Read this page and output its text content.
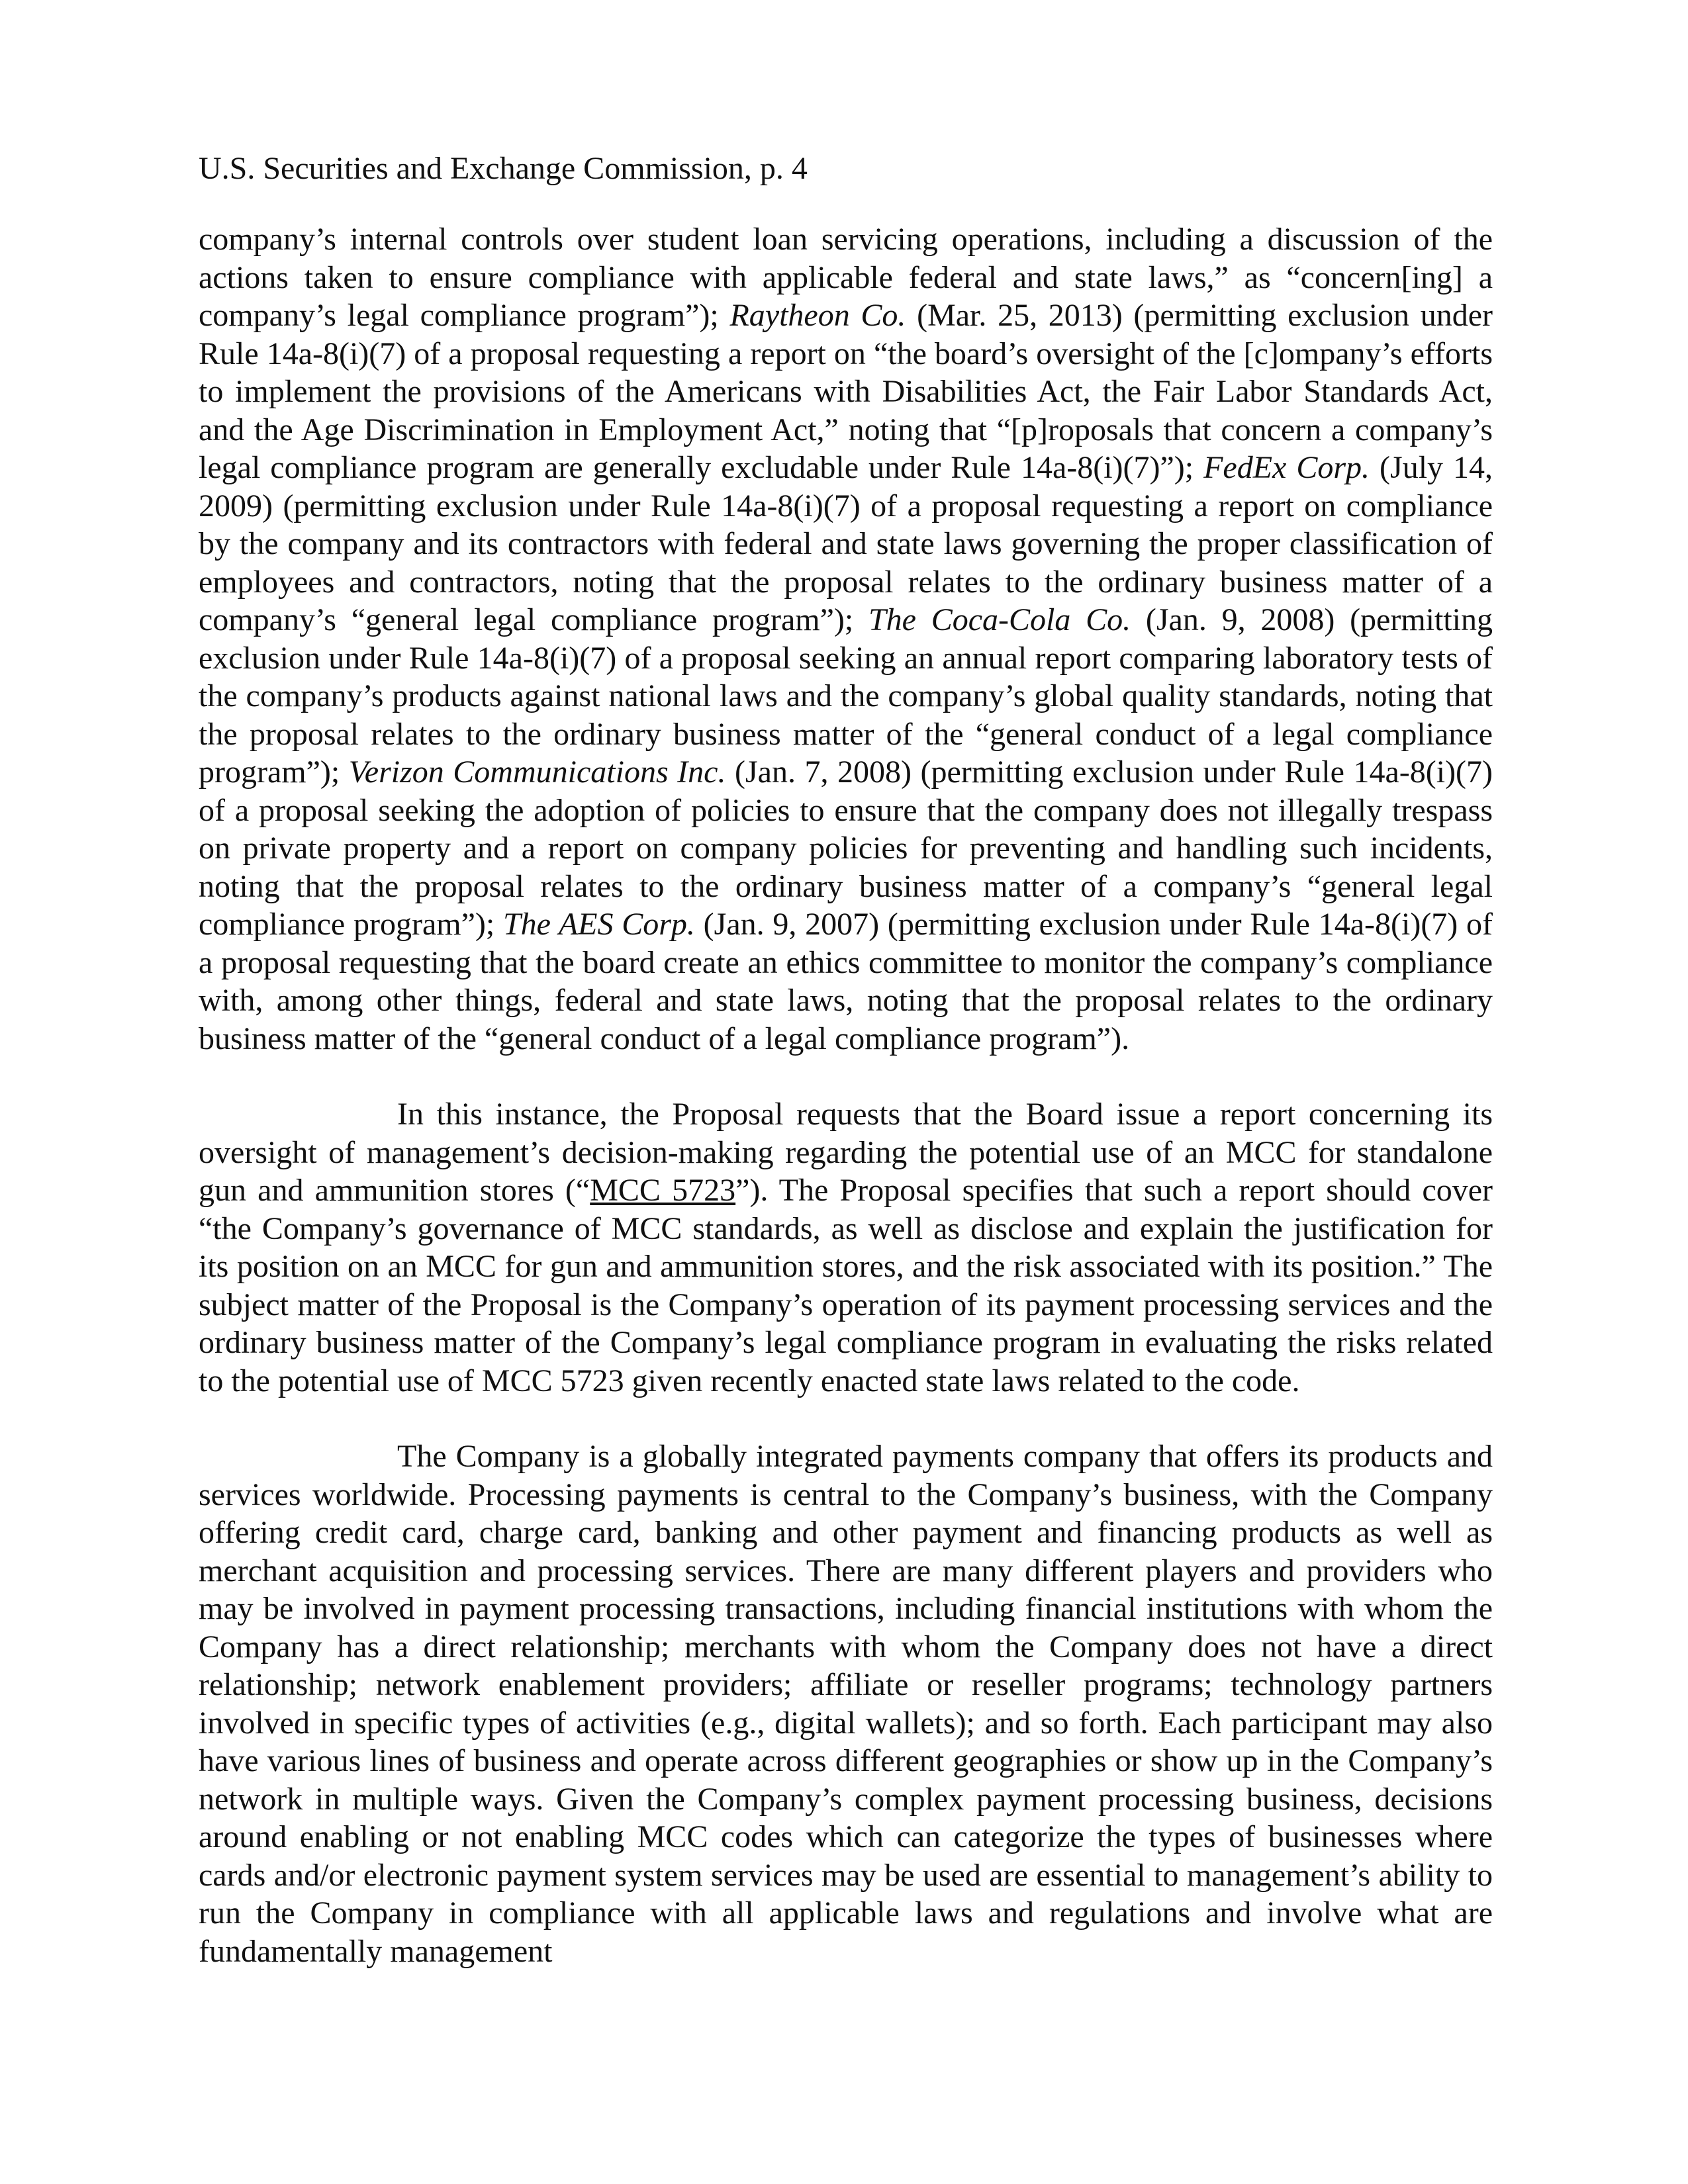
U.S. Securities and Exchange Commission, p. 4

company’s internal controls over student loan servicing operations, including a discussion of the actions taken to ensure compliance with applicable federal and state laws,” as “concern[ing] a company’s legal compliance program”); Raytheon Co. (Mar. 25, 2013) (permitting exclusion under Rule 14a-8(i)(7) of a proposal requesting a report on “the board’s oversight of the [c]ompany’s efforts to implement the provisions of the Americans with Disabilities Act, the Fair Labor Standards Act, and the Age Discrimination in Employment Act,” noting that “[p]roposals that concern a company’s legal compliance program are generally excludable under Rule 14a-8(i)(7)”); FedEx Corp. (July 14, 2009) (permitting exclusion under Rule 14a-8(i)(7) of a proposal requesting a report on compliance by the company and its contractors with federal and state laws governing the proper classification of employees and contractors, noting that the proposal relates to the ordinary business matter of a company’s “general legal compliance program”); The Coca-Cola Co. (Jan. 9, 2008) (permitting exclusion under Rule 14a-8(i)(7) of a proposal seeking an annual report comparing laboratory tests of the company’s products against national laws and the company’s global quality standards, noting that the proposal relates to the ordinary business matter of the “general conduct of a legal compliance program”); Verizon Communications Inc. (Jan. 7, 2008) (permitting exclusion under Rule 14a-8(i)(7) of a proposal seeking the adoption of policies to ensure that the company does not illegally trespass on private property and a report on company policies for preventing and handling such incidents, noting that the proposal relates to the ordinary business matter of a company’s “general legal compliance program”); The AES Corp. (Jan. 9, 2007) (permitting exclusion under Rule 14a-8(i)(7) of a proposal requesting that the board create an ethics committee to monitor the company’s compliance with, among other things, federal and state laws, noting that the proposal relates to the ordinary business matter of the “general conduct of a legal compliance program”).

In this instance, the Proposal requests that the Board issue a report concerning its oversight of management’s decision-making regarding the potential use of an MCC for standalone gun and ammunition stores (“MCC 5723”). The Proposal specifies that such a report should cover “the Company’s governance of MCC standards, as well as disclose and explain the justification for its position on an MCC for gun and ammunition stores, and the risk associated with its position.” The subject matter of the Proposal is the Company’s operation of its payment processing services and the ordinary business matter of the Company’s legal compliance program in evaluating the risks related to the potential use of MCC 5723 given recently enacted state laws related to the code.

The Company is a globally integrated payments company that offers its products and services worldwide. Processing payments is central to the Company’s business, with the Company offering credit card, charge card, banking and other payment and financing products as well as merchant acquisition and processing services. There are many different players and providers who may be involved in payment processing transactions, including financial institutions with whom the Company has a direct relationship; merchants with whom the Company does not have a direct relationship; network enablement providers; affiliate or reseller programs; technology partners involved in specific types of activities (e.g., digital wallets); and so forth. Each participant may also have various lines of business and operate across different geographies or show up in the Company’s network in multiple ways. Given the Company’s complex payment processing business, decisions around enabling or not enabling MCC codes which can categorize the types of businesses where cards and/or electronic payment system services may be used are essential to management’s ability to run the Company in compliance with all applicable laws and regulations and involve what are fundamentally management
